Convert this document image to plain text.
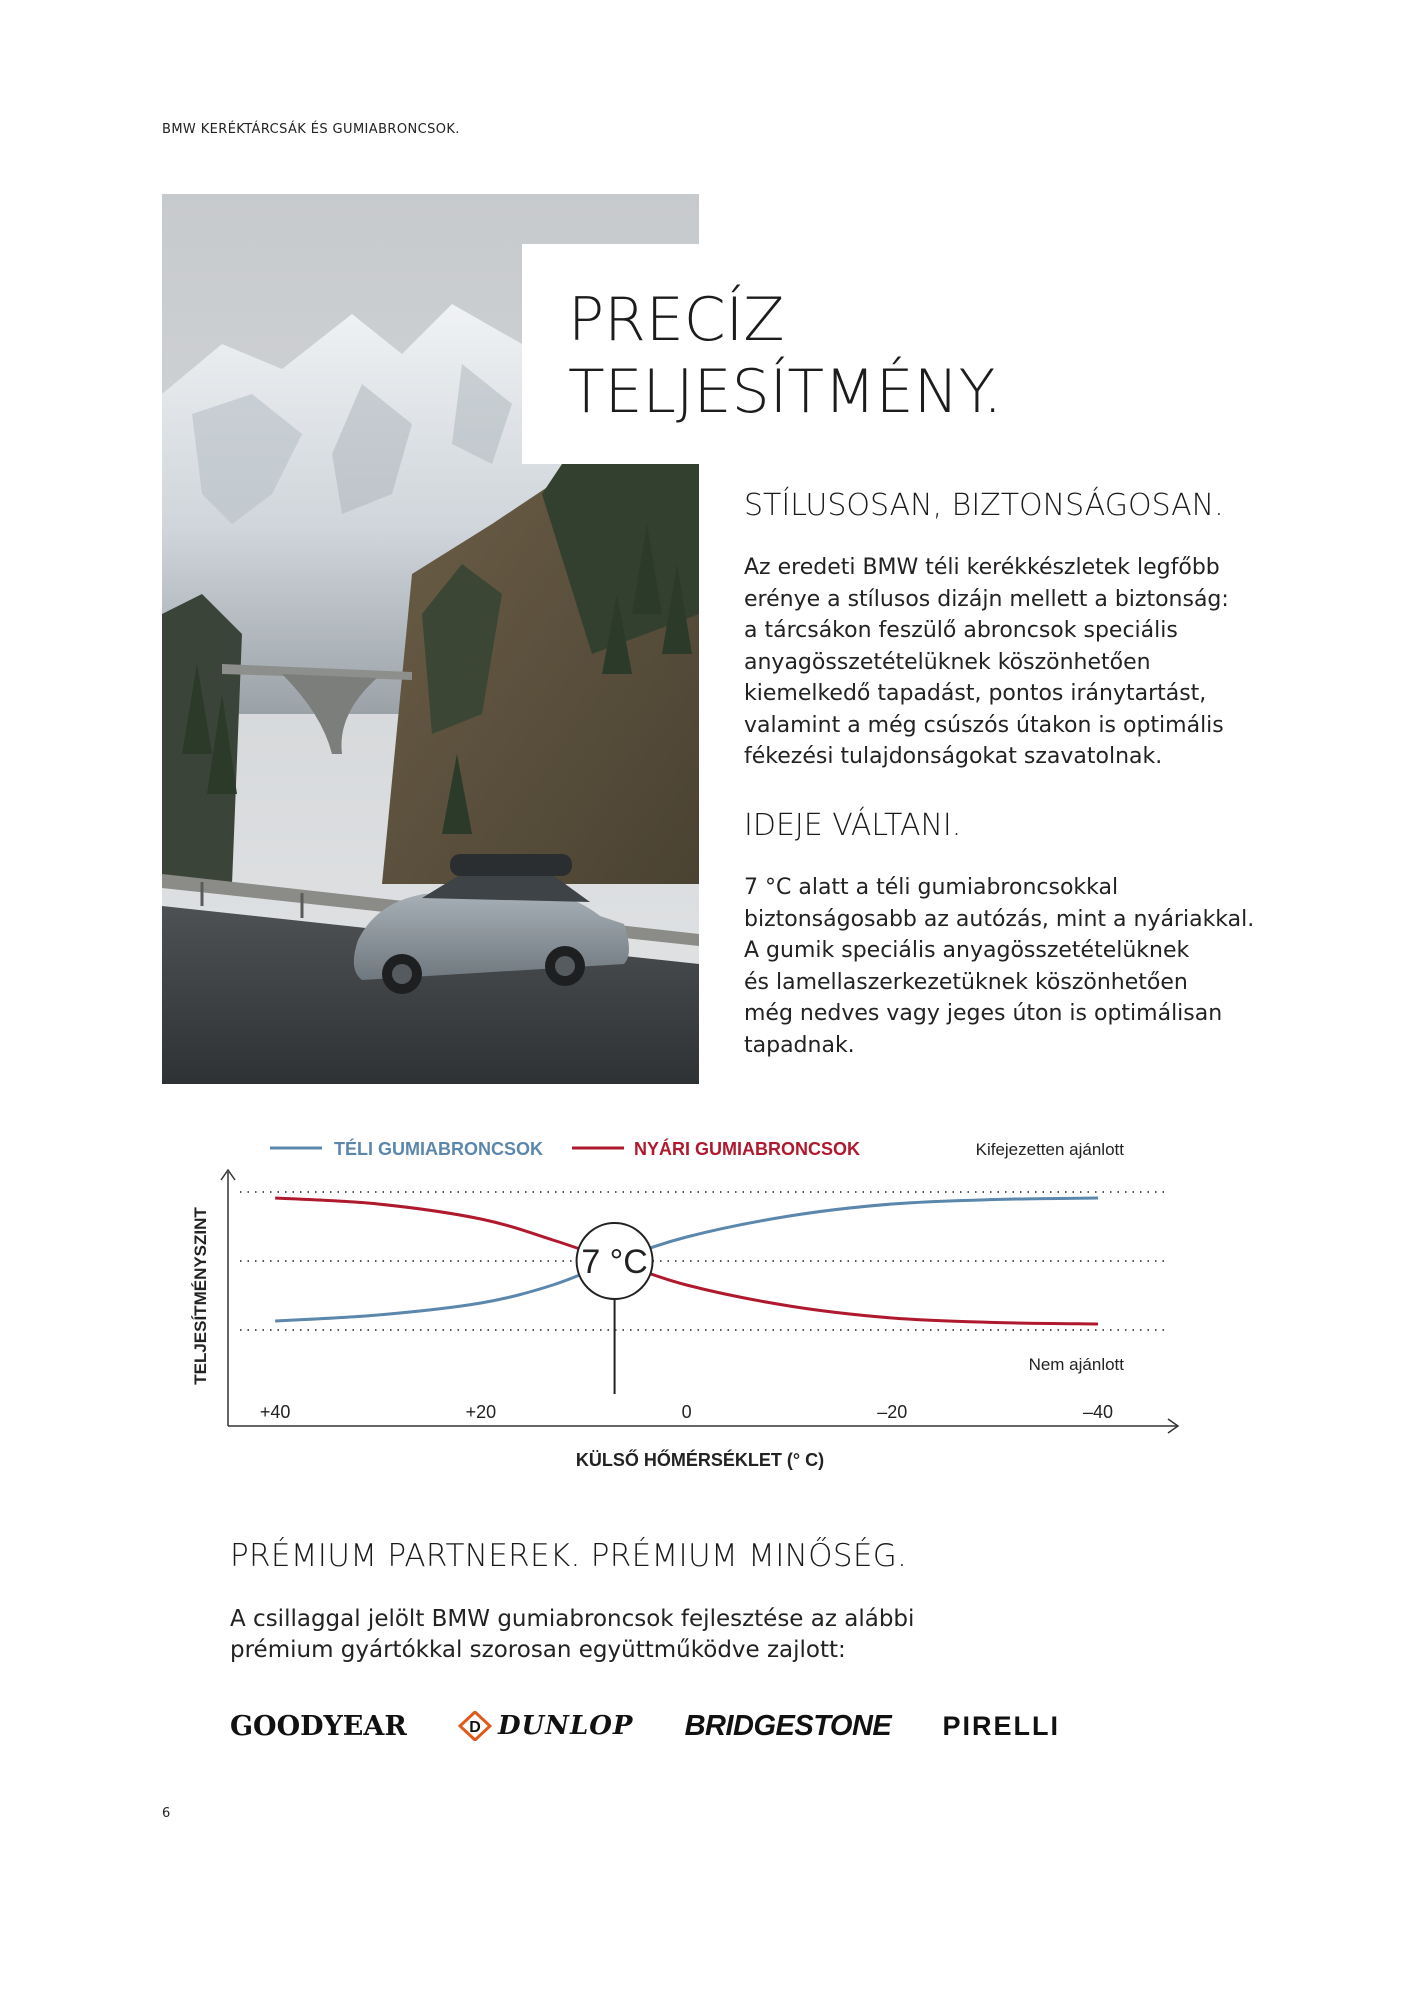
BMW KERÉKTÁRCSÁK ÉS GUMIABRONCSOK.
PRECÍZ
TELJESÍTMÉNY.
STÍLUSOSAN, BIZTONSÁGOSAN.

Az eredeti BMW téli kerékkészletek legfőbb

erénye a stílusos dizájn mellett a biztonság:

a tárcsákon feszülő abroncsok speciális

anyagösszetételüknek köszönhetően

kiemelkedő tapadást, pontos iránytartást,

valamint a még csúszós útakon is optimális

fékezési tulajdonságokat szavatolnak.

IDEJE VÁLTANI.

7 °C alatt a téli gumiabroncsokkal

biztonságosabb az autózás, mint a nyáriakkal.

A gumik speciális anyagösszetételüknek

és lamellaszerkezetüknek köszönhetően

még nedves vagy jeges úton is optimálisan

tapadnak.

TÉLI GUMIABRONCSOK	NYÁRI GUMIABRONCSOK	Kifejezetten ajánlott
TELJESÍTMÉNYSZINT	7 °C
Nem ajánlott
+40	+20	0	–20	–40
KÜLSŐ HŐMÉRSÉKLET (° C)
PRÉMIUM PARTNEREK. PRÉMIUM MINŐSÉG.
A csillaggal jelölt BMW gumiabroncsok fejlesztése az alábbi
prémium gyártókkal szorosan együttműködve zajlott:
GOODYEAR	D DUNLOP BRIDGESTONE PIRELLI
6
